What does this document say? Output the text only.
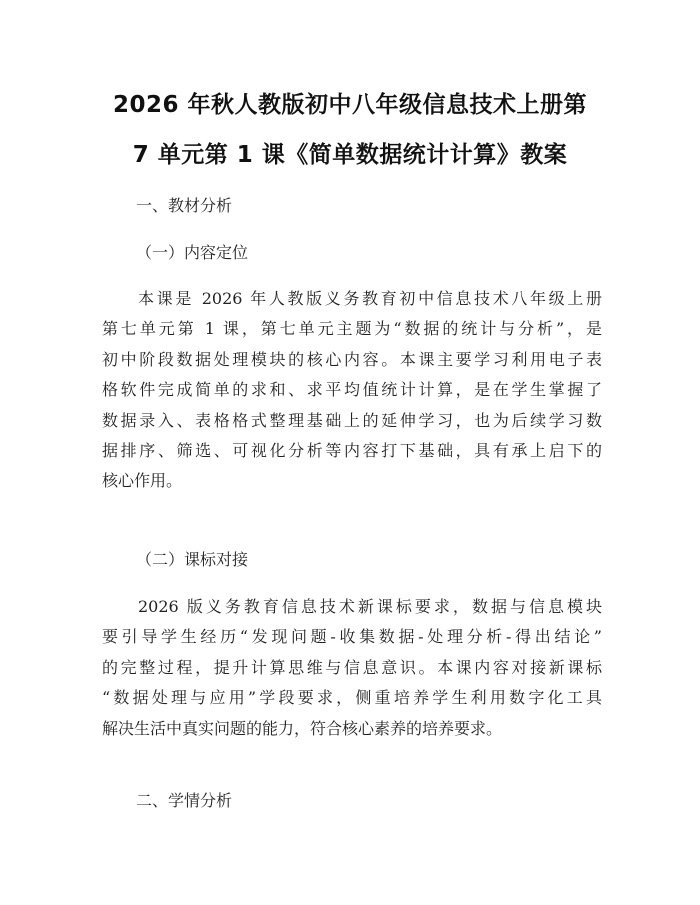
2026 年秋人教版初中八年级信息技术上册第
7 单元第 1 课《简单数据统计计算》教案
一、教材分析
（一）内容定位
本课是 2026 年人教版义务教育初中信息技术八年级上册
第七单元第 1 课，第七单元主题为“数据的统计与分析”，是
初中阶段数据处理模块的核心内容。本课主要学习利用电子表
格软件完成简单的求和、求平均值统计计算，是在学生掌握了
数据录入、表格格式整理基础上的延伸学习，也为后续学习数
据排序、筛选、可视化分析等内容打下基础，具有承上启下的
核心作用。
（二）课标对接
2026 版义务教育信息技术新课标要求，数据与信息模块
要引导学生经历“发现问题-收集数据-处理分析-得出结论”
的完整过程，提升计算思维与信息意识。本课内容对接新课标
“数据处理与应用”学段要求，侧重培养学生利用数字化工具
解决生活中真实问题的能力，符合核心素养的培养要求。
二、学情分析
